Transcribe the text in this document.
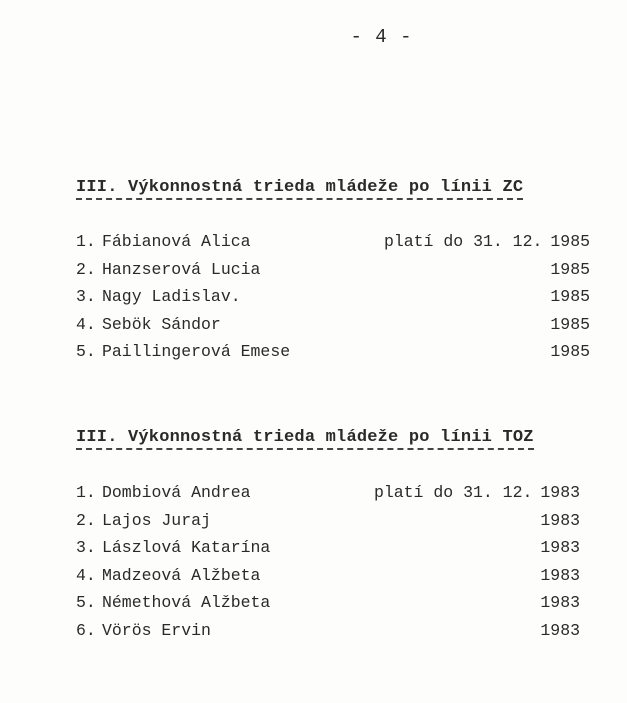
- 4 -
III. Výkonnostná trieda mládeže po línii ZC
1. Fábianová Alica	platí do 31. 12. 1985
2. Hanzserová Lucia	1985
3. Nagy Ladislav.	1985
4. Sebök Sándor	1985
5. Paillingerová Emese	1985
III. Výkonnostná trieda mládeže po línii TOZ
1. Dombiová Andrea	platí do 31. 12. 1983
2. Lajos Juraj	1983
3. Lászlová Katarína	1983
4. Madzeová Alžbeta	1983
5. Némethová Alžbeta	1983
6. Vörös Ervin	1983
